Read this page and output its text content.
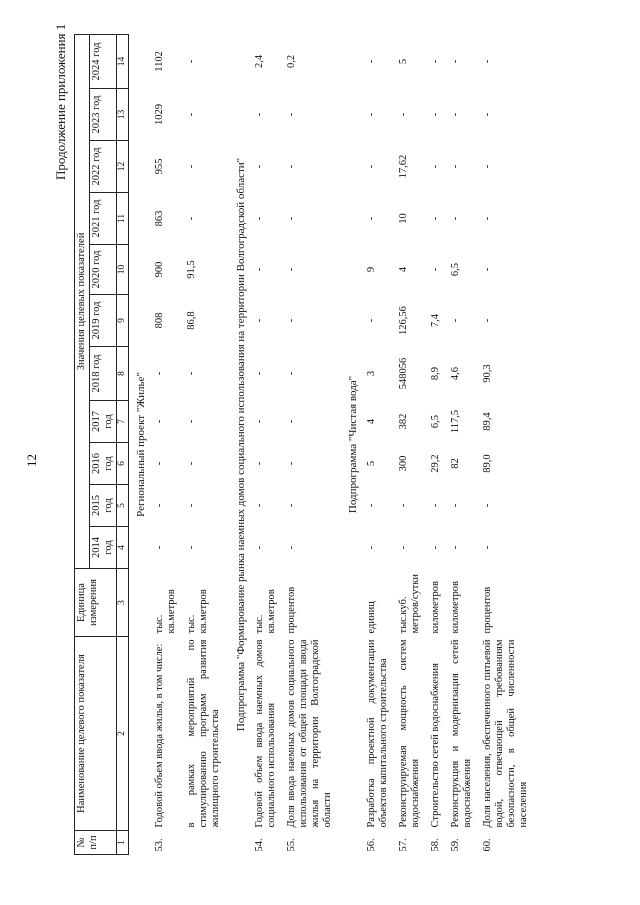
12
Продолжение приложения 1
№ п/п	Наименование целевого показателя	Единица измерения	Значения целевых показателей										
			2014 год	2015 год	2016 год	2017 год	2018 год	2019 год	2020 год	2021 год	2022 год	2023 год	2024 год
1	2	3	4	5	6	7	8	9	10	11	12	13	14
Региональный проект "Жилье"													
53.	Годовой объем ввода жилья, в том числе:	тыс. кв.метров	-	-	-	-	-	808	900	863	955	1029	1102

	в рамках мероприятий по стимулированию программ развития жилищного строительства	тыс. кв.метров	-	-	-	-	-	86,8	91,5	-	-	-	-

Подпрограмма "Формирование рынка наемных домов социального использования на территории Волгоградской области"													
54.	Годовой объем ввода наемных домов социального использования	тыс. кв.метров	-	-	-	-	-	-	-	-	-	-	2,4

55.	Доля ввода наемных домов социального использования от общей площади ввода жилья на территории Волгоградской области	процентов	-	-	-	-	-	-	-	-	-	-	0,2

Подпрограмма "Чистая вода"													
56.	Разработка проектной документации объектов капитального строительства	единиц	-	-	5	4	3	-	9	-	-	-	-

57.	Реконструируемая мощность систем водоснабжения	тыс.куб. метров/сутки	-	-	300	382	548056	126,56	4	10	17,62	-	5

58.	Строительство сетей водоснабжения	километров	-	-	29,2	6,5	8,9	7,4	-	-	-	-	-

59.	Реконструкция и модернизация сетей водоснабжения	километров	-	-	82	117,5	4,6	-	6,5	-	-	-	-

60.	Доля населения, обеспеченного питьевой водой, отвечающей требованиям безопасности, в общей численности населения	процентов	-	-	89,0	89,4	90,3	-	-	-	-	-	-
